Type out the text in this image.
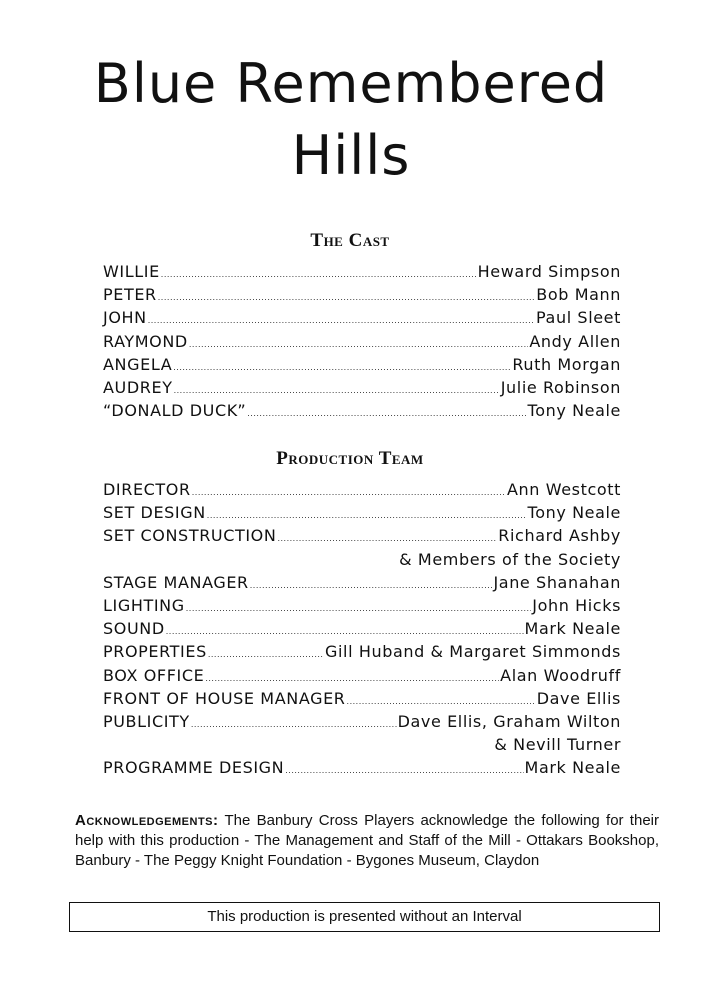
Blue Remembered
Hills
The Cast
WILLIE .....	Heward Simpson
PETER .....	Bob Mann
JOHN .....	Paul Sleet
RAYMOND .....	Andy Allen
ANGELA .....	Ruth Morgan
AUDREY .....	Julie Robinson
“DONALD DUCK” .....	Tony Neale
Production Team
DIRECTOR .....	Ann Westcott
SET DESIGN .....	Tony Neale
SET CONSTRUCTION .....	Richard Ashby
& Members of the Society
STAGE MANAGER .....	Jane Shanahan
LIGHTING .....	John Hicks
SOUND .....	Mark Neale
PROPERTIES .....	Gill Huband & Margaret Simmonds
BOX OFFICE .....	Alan Woodruff
FRONT OF HOUSE MANAGER .....	Dave Ellis
PUBLICITY .....	Dave Ellis, Graham Wilton
& Nevill Turner
PROGRAMME DESIGN .....	Mark Neale
Acknowledgements: The Banbury Cross Players acknowledge the following for their help with this production - The Management and Staff of the Mill - Ottakars Bookshop, Banbury - The Peggy Knight Foundation - Bygones Museum, Claydon
This production is presented without an Interval
